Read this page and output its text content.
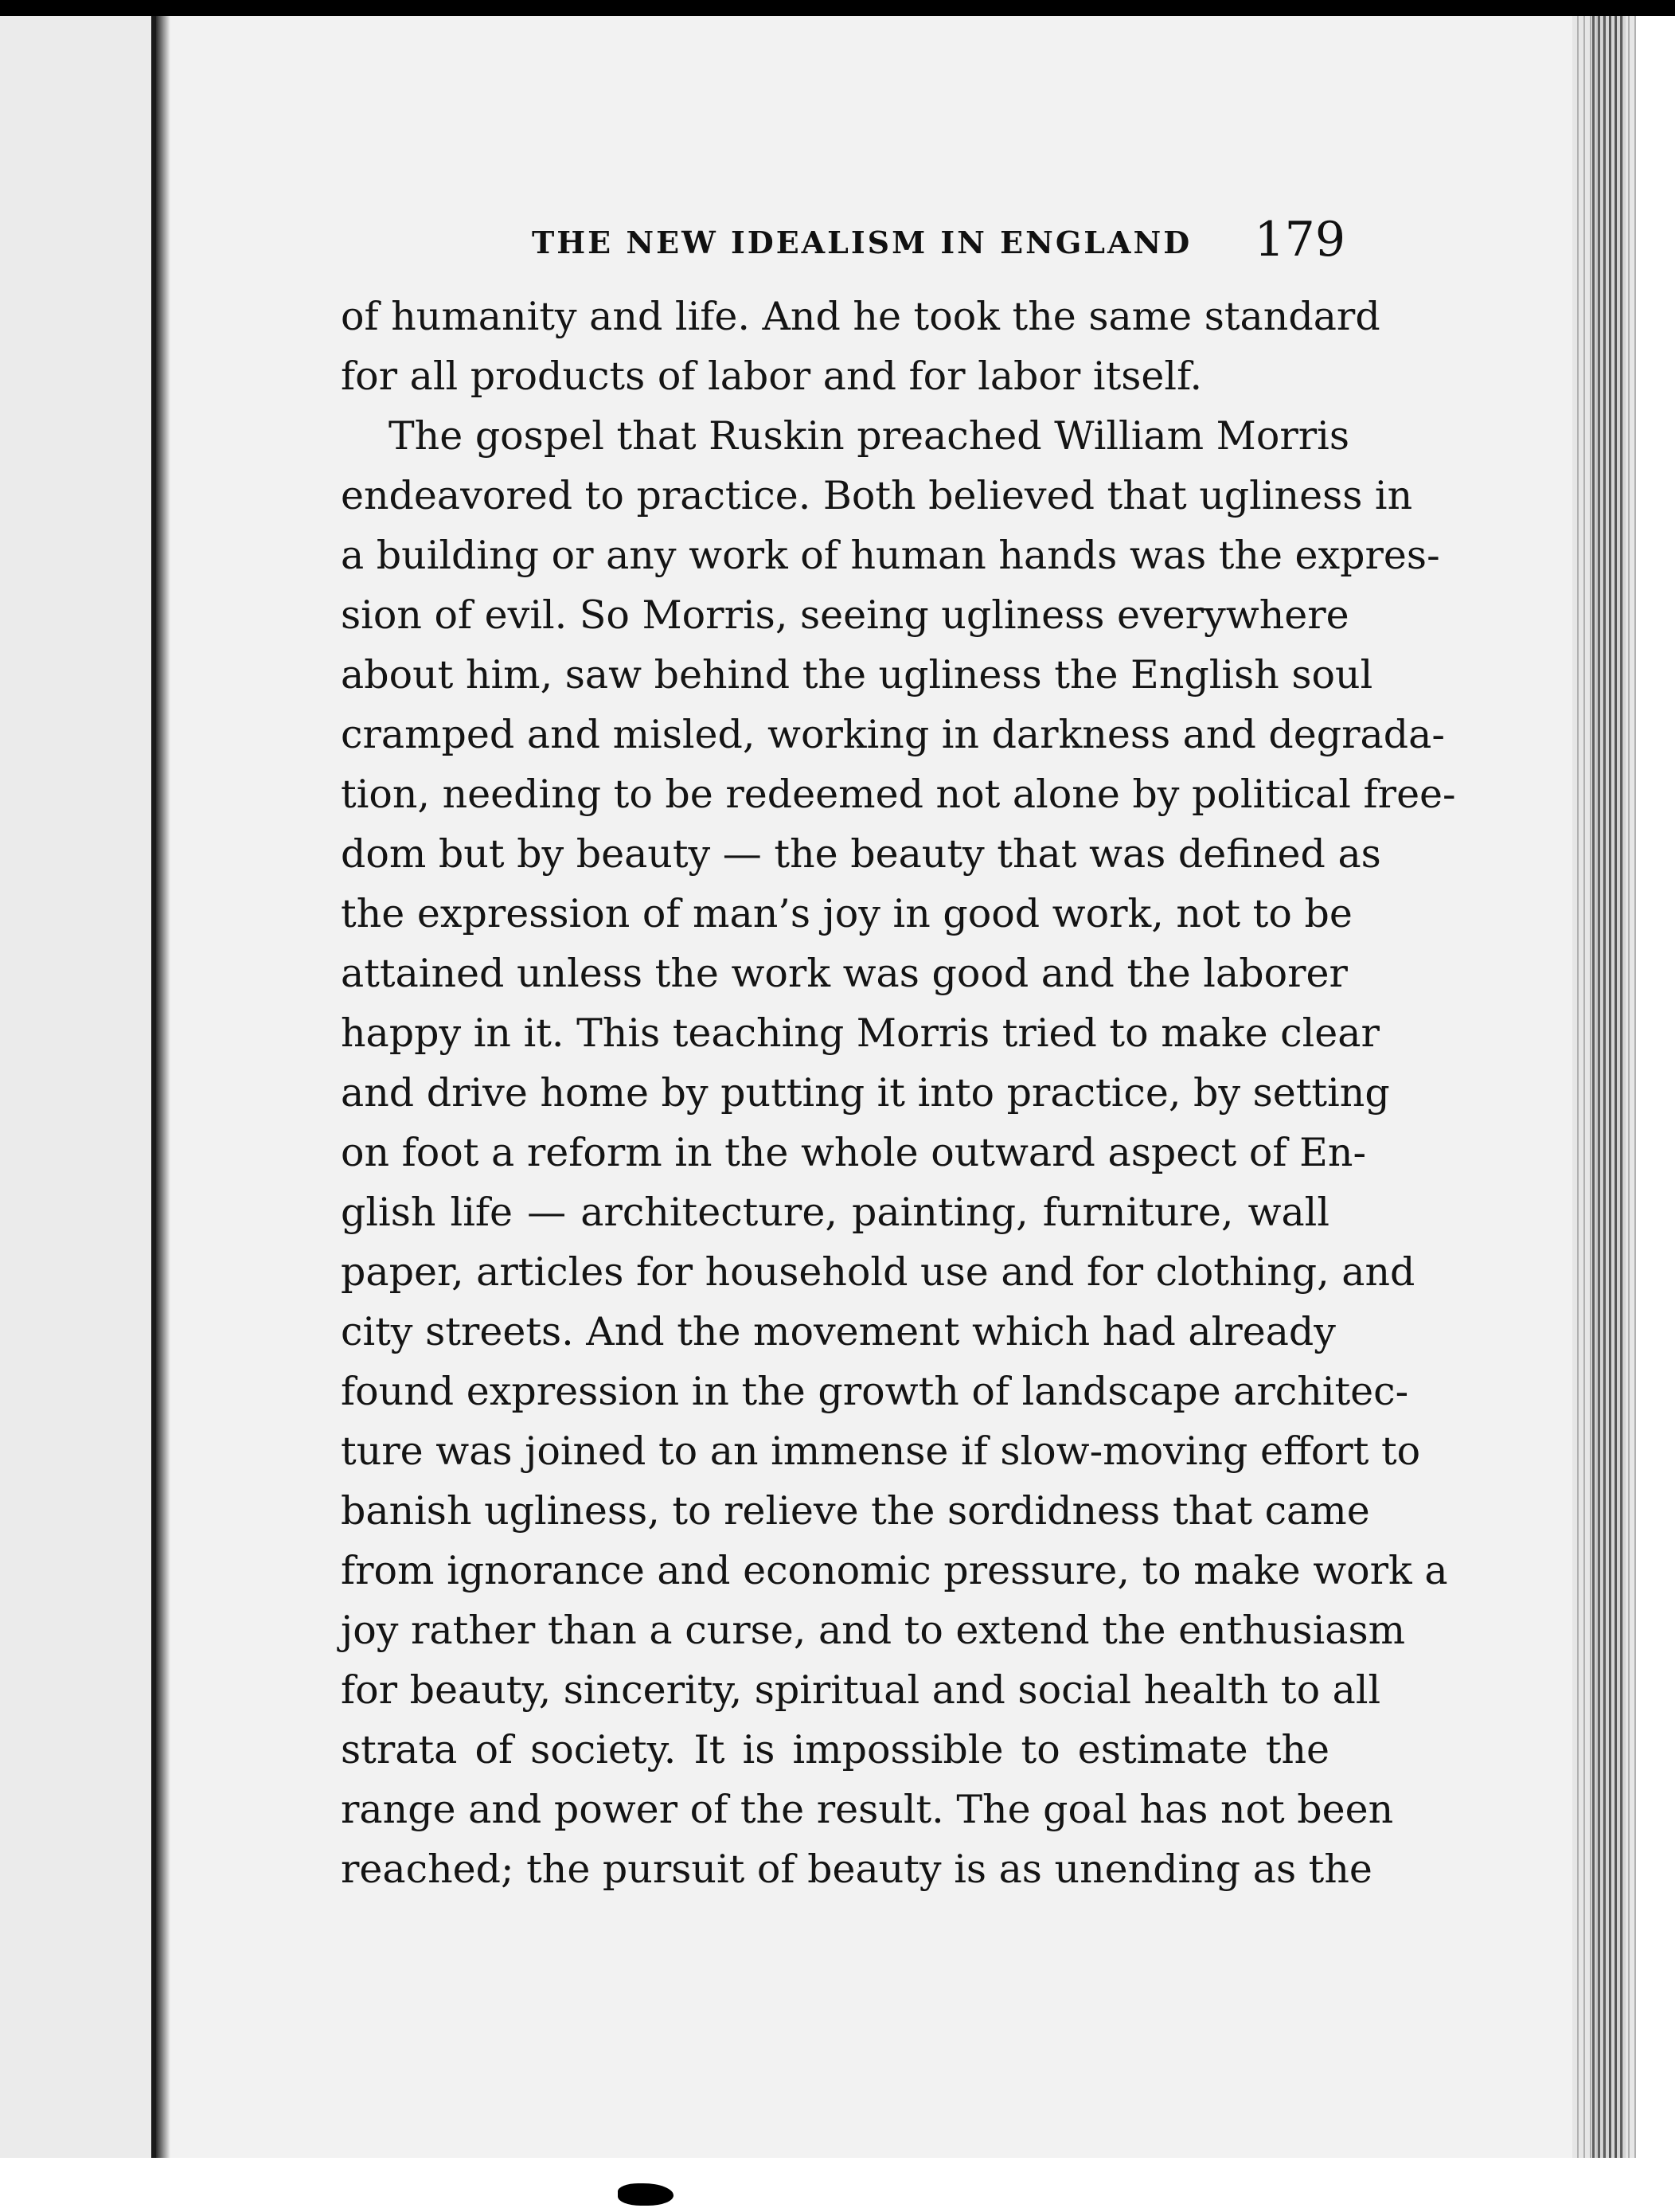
THE NEW IDEALISM IN ENGLAND 179
of humanity and life. And he took the same standard
for all products of labor and for labor itself.
The gospel that Ruskin preached William Morris
endeavored to practice. Both believed that ugliness in
a building or any work of human hands was the expres-
sion of evil. So Morris, seeing ugliness everywhere
about him, saw behind the ugliness the English soul
cramped and misled, working in darkness and degrada-
tion, needing to be redeemed not alone by political free-
dom but by beauty — the beauty that was defined as
the expression of man’s joy in good work, not to be
attained unless the work was good and the laborer
happy in it. This teaching Morris tried to make clear
and drive home by putting it into practice, by setting
on foot a reform in the whole outward aspect of En-
glish life — architecture, painting, furniture, wall
paper, articles for household use and for clothing, and
city streets. And the movement which had already
found expression in the growth of landscape architec-
ture was joined to an immense if slow-moving effort to
banish ugliness, to relieve the sordidness that came
from ignorance and economic pressure, to make work a
joy rather than a curse, and to extend the enthusiasm
for beauty, sincerity, spiritual and social health to all
strata of society. It is impossible to estimate the
range and power of the result. The goal has not been
reached; the pursuit of beauty is as unending as the
